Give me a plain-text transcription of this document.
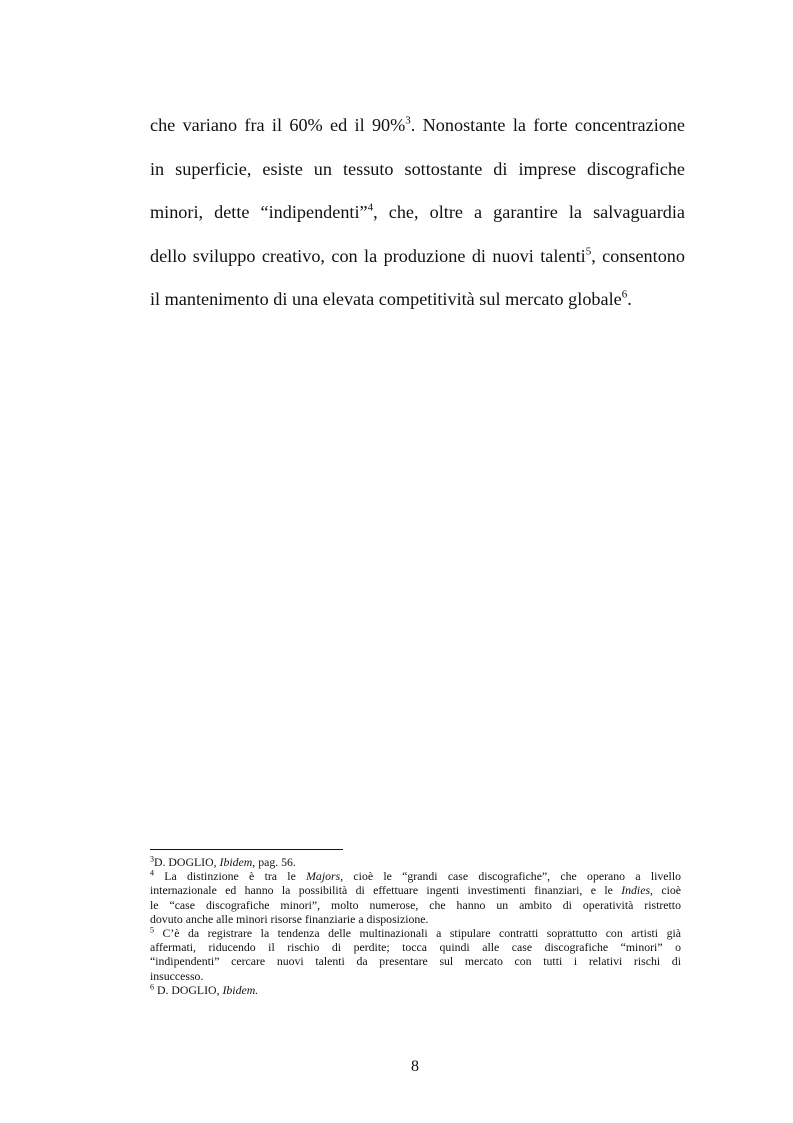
che variano fra il 60% ed il 90%$^3$. Nonostante la forte concentrazione
in superficie, esiste un tessuto sottostante di imprese discografiche
minori, dette “indipendenti”$^4$, che, oltre a garantire la salvaguardia
dello sviluppo creativo, con la produzione di nuovi talenti$^5$, consentono
il mantenimento di una elevata competitività sul mercato globale$^6$.
$^3$D. DOGLIO, Ibidem, pag. 56.
$^4$ La distinzione è tra le Majors, cioè le “grandi case discografiche”, che operano a livello
internazionale ed hanno la possibilità di effettuare ingenti investimenti finanziari, e le Indies, cioè
le “case discografiche minori”, molto numerose, che hanno un ambito di operatività ristretto
dovuto anche alle minori risorse finanziarie a disposizione.
$^5$ C’è da registrare la tendenza delle multinazionali a stipulare contratti soprattutto con artisti già
affermati, riducendo il rischio di perdite; tocca quindi alle case discografiche “minori” o
“indipendenti” cercare nuovi talenti da presentare sul mercato con tutti i relativi rischi di
insuccesso.
$^6$ D. DOGLIO, Ibidem.
8
